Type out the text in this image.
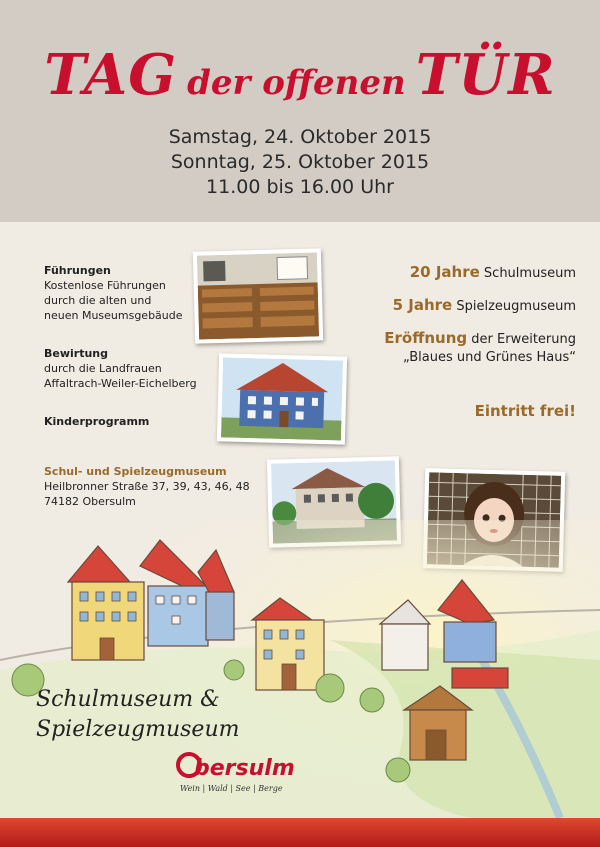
TAG der offenen TÜR
Samstag, 24. Oktober 2015
Sonntag, 25. Oktober 2015
11.00 bis 16.00 Uhr
Führungen
Kostenlose Führungen
durch die alten und
neuen Museumsgebäude
Bewirtung
durch die Landfrauen
Affaltrach-Weiler-Eichelberg
Kinderprogramm
Schul- und Spielzeugmuseum
Heilbronner Straße 37, 39, 43, 46, 48
74182 Obersulm
20 Jahre Schulmuseum
5 Jahre Spielzeugmuseum
Eröffnung der Erweiterung
„Blaues und Grünes Haus“
Eintritt frei!
Schulmuseum &
Spielzeugmuseum
bersulm
Wein | Wald | See | Berge
